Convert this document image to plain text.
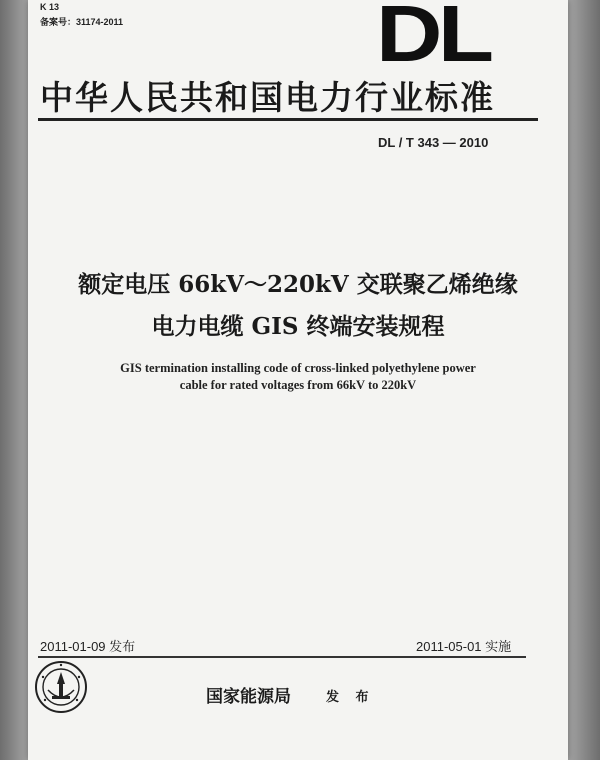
K 13
备案号：31174-2011	DL
中华人民共和国电力行业标准
DL / T 343 — 2010
额定电压 66kV～220kV 交联聚乙烯绝缘
电力电缆 GIS 终端安装规程
GIS termination installing code of cross-linked polyethylene power
cable for rated voltages from 66kV to 220kV
2011-01-09 发布	2011-05-01 实施
国家能源局	发 布
